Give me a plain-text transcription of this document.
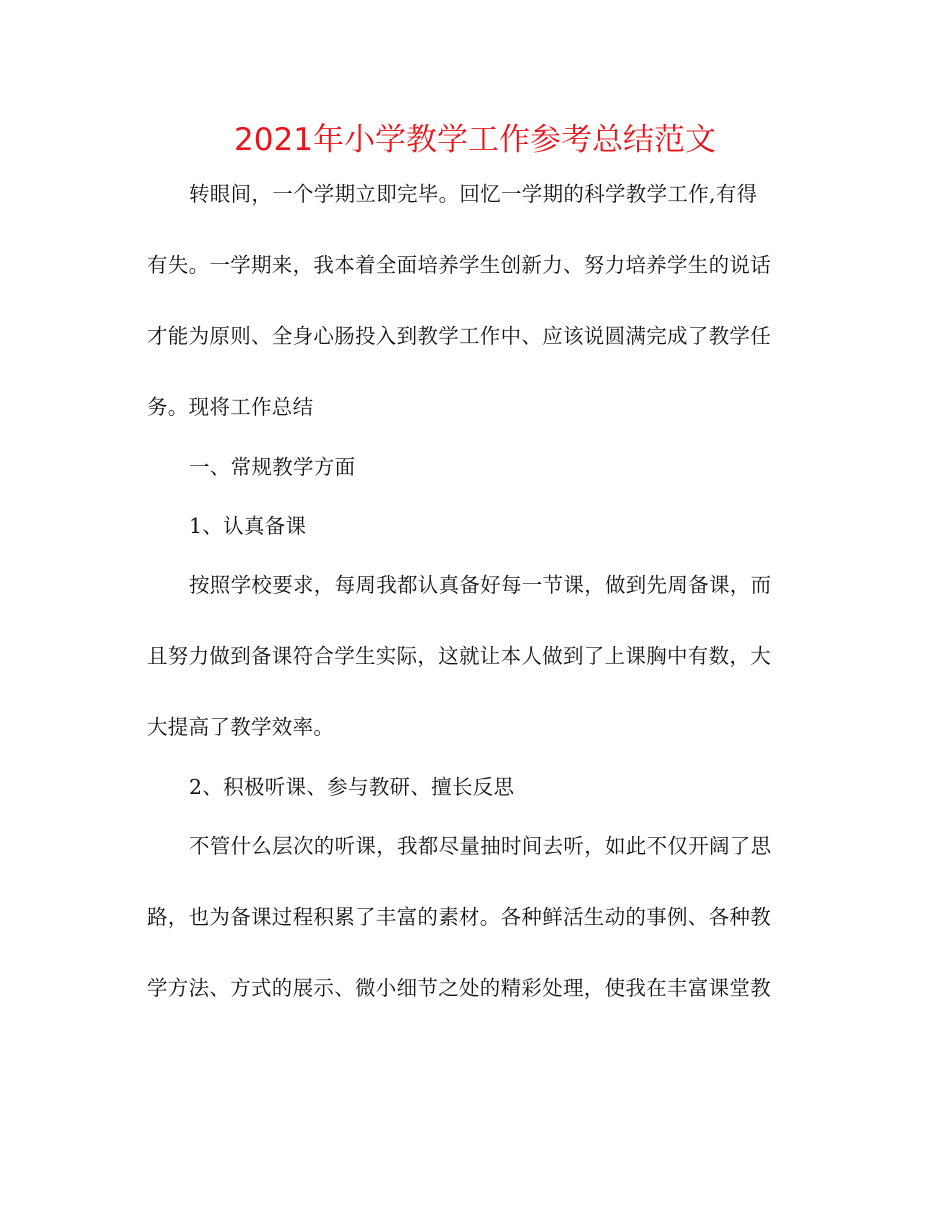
2021年小学教学工作参考总结范文

转眼间，一个学期立即完毕。回忆一学期的科学教学工作,有得
有失。一学期来，我本着全面培养学生创新力、努力培养学生的说话
才能为原则、全身心肠投入到教学工作中、应该说圆满完成了教学任
务。现将工作总结

一、常规教学方面

1、认真备课

按照学校要求，每周我都认真备好每一节课，做到先周备课，而
且努力做到备课符合学生实际，这就让本人做到了上课胸中有数，大
大提高了教学效率。

2、积极听课、参与教研、擅长反思

不管什么层次的听课，我都尽量抽时间去听，如此不仅开阔了思
路，也为备课过程积累了丰富的素材。各种鲜活生动的事例、各种教
学方法、方式的展示、微小细节之处的精彩处理，使我在丰富课堂教
